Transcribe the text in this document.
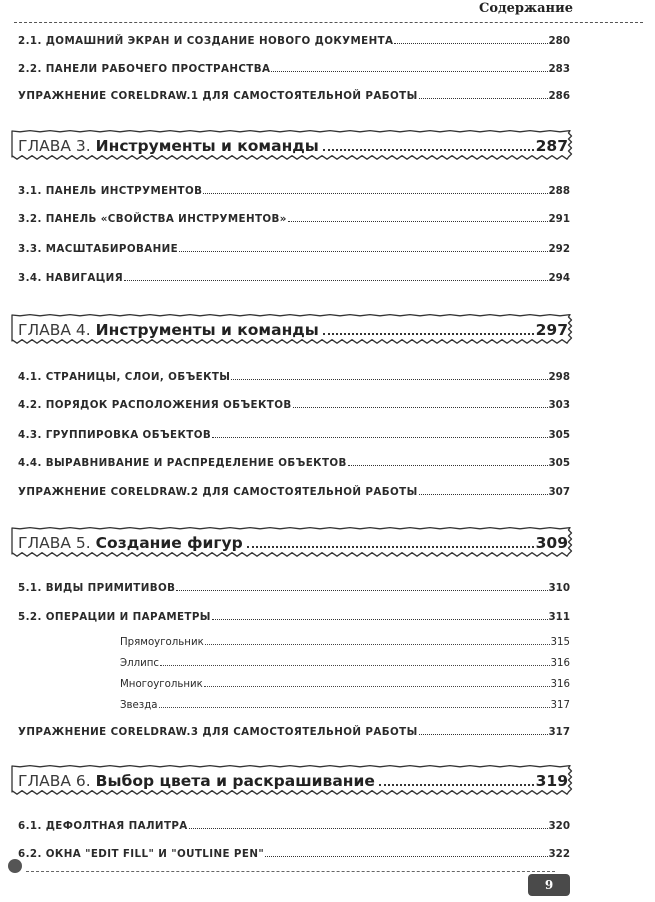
Содержание
2.1. ДОМАШНИЙ ЭКРАН И СОЗДАНИЕ НОВОГО ДОКУМЕНТА	280
2.2. ПАНЕЛИ РАБОЧЕГО ПРОСТРАНСТВА	283
УПРАЖНЕНИЕ CORELDRAW.1 ДЛЯ САМОСТОЯТЕЛЬНОЙ РАБОТЫ	286
ГЛАВА 3. Инструменты и команды	287
3.1. ПАНЕЛЬ ИНСТРУМЕНТОВ	288
3.2. ПАНЕЛЬ «СВОЙСТВА ИНСТРУМЕНТОВ»	291
3.3. МАСШТАБИРОВАНИЕ	292
3.4. НАВИГАЦИЯ	294
ГЛАВА 4. Инструменты и команды	297
4.1. СТРАНИЦЫ, СЛОИ, ОБЪЕКТЫ	298
4.2. ПОРЯДОК РАСПОЛОЖЕНИЯ ОБЪЕКТОВ	303
4.3. ГРУППИРОВКА ОБЪЕКТОВ	305
4.4. ВЫРАВНИВАНИЕ И РАСПРЕДЕЛЕНИЕ ОБЪЕКТОВ	305
УПРАЖНЕНИЕ CORELDRAW.2 ДЛЯ САМОСТОЯТЕЛЬНОЙ РАБОТЫ	307
ГЛАВА 5. Создание фигур	309
5.1. ВИДЫ ПРИМИТИВОВ	310
5.2. ОПЕРАЦИИ И ПАРАМЕТРЫ	311
Прямоугольник	315
Эллипс	316
Многоугольник	316
Звезда	317
УПРАЖНЕНИЕ CORELDRAW.3 ДЛЯ САМОСТОЯТЕЛЬНОЙ РАБОТЫ	317
ГЛАВА 6. Выбор цвета и раскрашивание	319
6.1. ДЕФОЛТНАЯ ПАЛИТРА	320
6.2. ОКНА "EDIT FILL" И "OUTLINE PEN"	322
9
